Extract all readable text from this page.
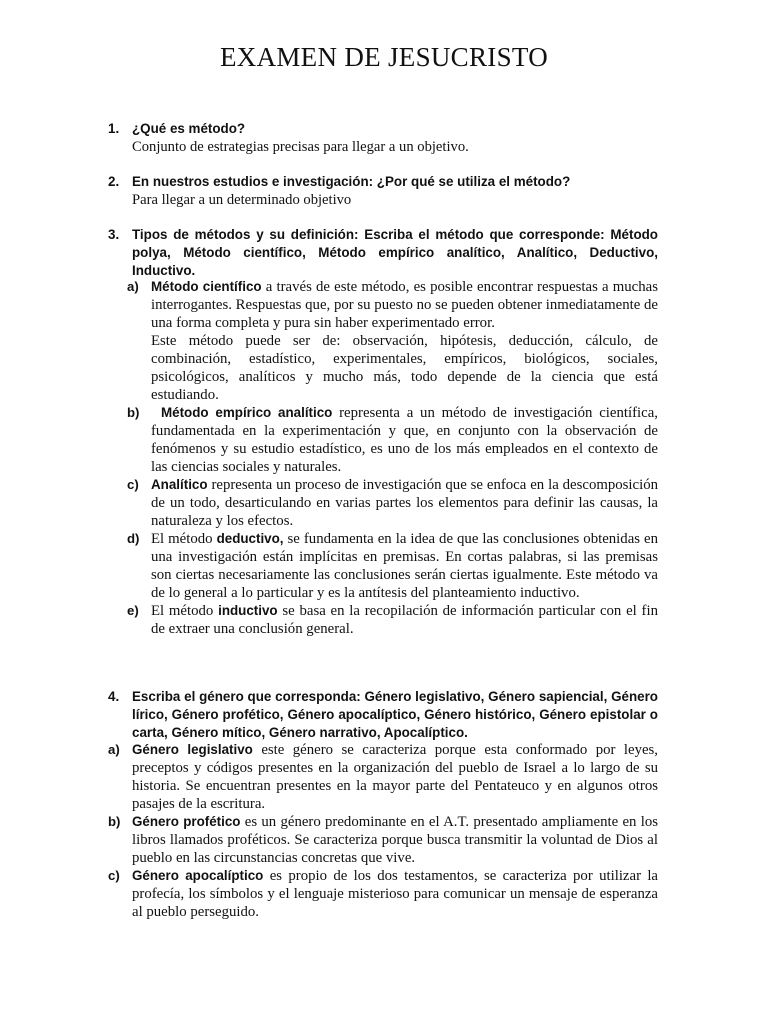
EXAMEN DE JESUCRISTO
1. ¿Qué es método?
Conjunto de estrategias precisas para llegar a un objetivo.
2. En nuestros estudios e investigación: ¿Por qué se utiliza el método?
Para llegar a un determinado objetivo
3. Tipos de métodos y su definición: Escriba el método que corresponde: Método polya, Método científico, Método empírico analítico, Analítico, Deductivo, Inductivo.
a) Método científico a través de este método, es posible encontrar respuestas a muchas interrogantes. Respuestas que, por su puesto no se pueden obtener inmediatamente de una forma completa y pura sin haber experimentado error.

Este método puede ser de: observación, hipótesis, deducción, cálculo, de combinación, estadístico, experimentales, empíricos, biológicos, sociales, psicológicos, analíticos y mucho más, todo depende de la ciencia que está estudiando.

b)	Método empírico analítico representa a un método de investigación científica, fundamentada en la experimentación y que, en conjunto con la observación de fenómenos y su estudio estadístico, es uno de los más empleados en el contexto de las ciencias sociales y naturales.

c) Analítico representa un proceso de investigación que se enfoca en la descomposición de un todo, desarticulando en varias partes los elementos para definir las causas, la naturaleza y los efectos.

d) El método deductivo, se fundamenta en la idea de que las conclusiones obtenidas en una investigación están implícitas en premisas. En cortas palabras, si las premisas son ciertas necesariamente las conclusiones serán ciertas igualmente. Este método va de lo general a lo particular y es la antítesis del planteamiento inductivo.

e) El método inductivo se basa en la recopilación de información particular con el fin de extraer una conclusión general.

4. Escriba el género que corresponda: Género legislativo, Género sapiencial, Género lírico, Género profético, Género apocalíptico, Género histórico, Género epistolar o carta, Género mítico, Género narrativo, Apocalíptico.
a) Género legislativo este género se caracteriza porque esta conformado por leyes, preceptos y códigos presentes en la organización del pueblo de Israel a lo largo de su historia. Se encuentran presentes en la mayor parte del Pentateuco y en algunos otros pasajes de la escritura.

b) Género profético es un género predominante en el A.T. presentado ampliamente en los libros llamados proféticos. Se caracteriza porque busca transmitir la voluntad de Dios al pueblo en las circunstancias concretas que vive.

c) Género apocalíptico es propio de los dos testamentos, se caracteriza por utilizar la profecía, los símbolos y el lenguaje misterioso para comunicar un mensaje de esperanza al pueblo perseguido.
